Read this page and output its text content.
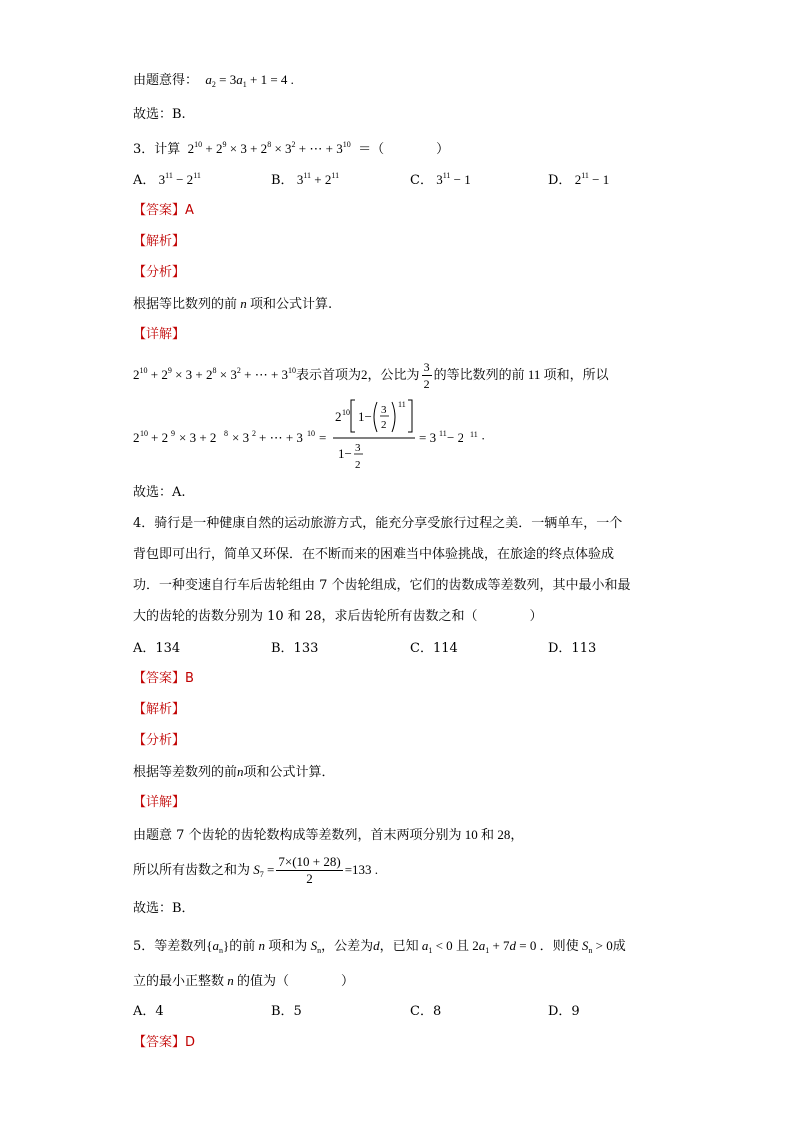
由题意得： $a_2 = 3a_1 + 1 = 4$ .
故选：B.
3．计算  $2^{10} + 2^9 \times 3 + 2^8 \times 3^2$ + ⋯ + $3^{10}$ ＝（　　　　）
A． $3^{11} - 2^{11}$	B． $3^{11} + 2^{11}$	C． $3^{11} - 1$	D． $2^{11} - 1$
【答案】A
【解析】
【分析】
根据等比数列的前 n 项和公式计算.
【详解】
$2^{10} + 2^9 \times 3 + 2^8 \times 3^2$ + ⋯ + $3^{10}$表示首项为2，公比为 $\frac{3}{2}$ 的等比数列的前 11 项和，所以
2 10 + 2 9 × 3 + 2 8 × 3 2 + ⋯ + 3 10 =
2 10 1− 3
2
11
1− 3
2
= 3 11 − 2 $^{11}$ ·
故选：A.
4．骑行是一种健康自然的运动旅游方式，能充分享受旅行过程之美．一辆单车，一个
背包即可出行，简单又环保．在不断而来的困难当中体验挑战，在旅途的终点体验成
功．一种变速自行车后齿轮组由 7 个齿轮组成，它们的齿数成等差数列，其中最小和最
大的齿轮的齿数分别为 10 和 28，求后齿轮所有齿数之和（　　　　）
A．134	B．133	C．114	D．113
【答案】B
【解析】
【分析】
根据等差数列的前n项和公式计算．
【详解】
由题意 7 个齿轮的齿轮数构成等差数列，首末两项分别为 10 和 28，
所以所有齿数之和为 $S_7 = \frac{7\times(10 + 28)}{2} =133$ .
故选：B．
5．等差数列$\{a_n\}$的前 n 项和为 $S_n$，公差为d，已知 $a_1 < 0$ 且 $2a_1 + 7d = 0$ ．则使 $S_n > 0$成
立的最小正整数 n 的值为（　　　　）
A．4	B．5	C．8	D．9
【答案】D
